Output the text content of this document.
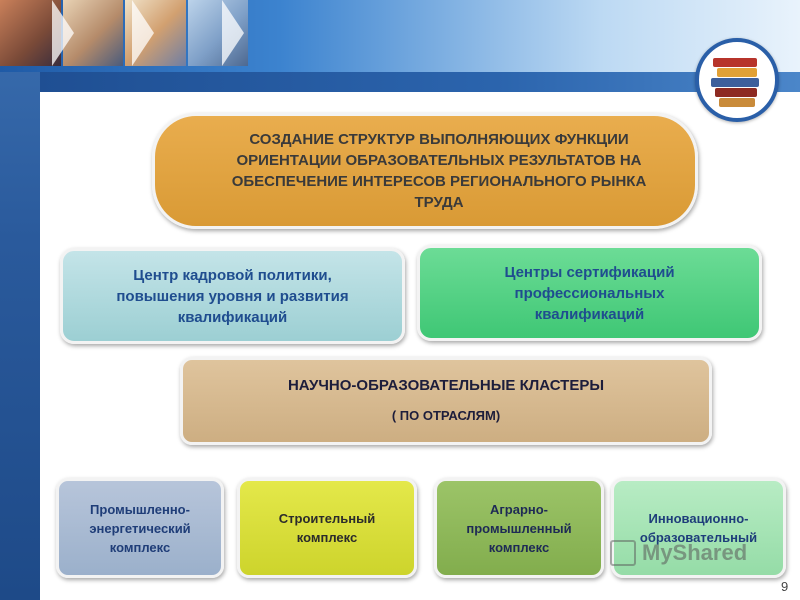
СОЗДАНИЕ СТРУКТУР ВЫПОЛНЯЮЩИХ ФУНКЦИИ
ОРИЕНТАЦИИ ОБРАЗОВАТЕЛЬНЫХ РЕЗУЛЬТАТОВ НА
ОБЕСПЕЧЕНИЕ ИНТЕРЕСОВ РЕГИОНАЛЬНОГО РЫНКА
ТРУДА
Центр кадровой политики,
повышения уровня и развития
квалификаций
Центры сертификаций
профессиональных
квалификаций
НАУЧНО-ОБРАЗОВАТЕЛЬНЫЕ КЛАСТЕРЫ
( ПО ОТРАСЛЯМ)
Промышленно-
энергетический
комплекс
Строительный
комплекс
Аграрно-
промышленный
комплекс
Инновационно-
образовательный
MyShared
9
